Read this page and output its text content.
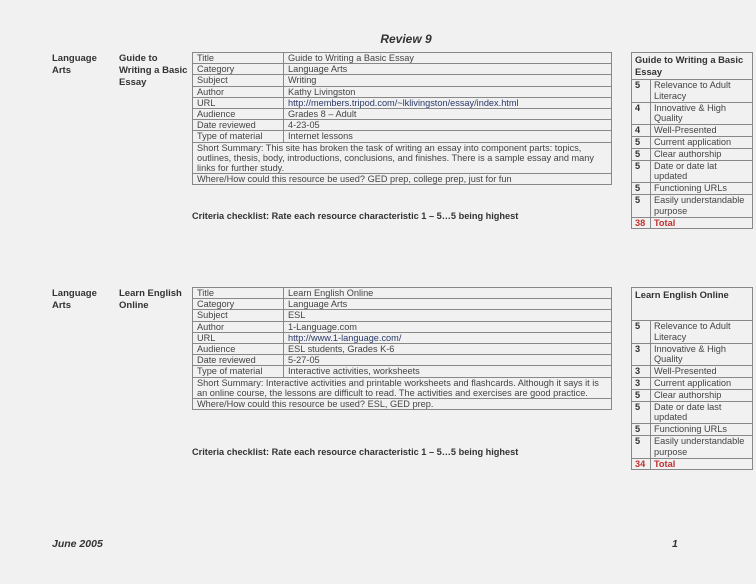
Review 9
Language Arts
Guide to Writing a Basic Essay
Title	Guide to Writing a Basic Essay
Category	Language Arts
Subject	Writing
Author	Kathy Livingston
URL	http://members.tripod.com/~lklivingston/essay/index.html
Audience	Grades 8 – Adult
Date reviewed	4-23-05
Type of material	Internet lessons
Short Summary: This site has broken the task of writing an essay into component parts: topics, outlines, thesis, body, introductions, conclusions, and finishes. There is a sample essay and many links for further study.	
Where/How could this resource be used? GED prep, college prep, just for fun	
Criteria checklist: Rate each resource characteristic 1 – 5…5 being highest
Guide to Writing a Basic Essay	
5	Relevance to Adult Literacy
4	Innovative & High Quality
4	Well-Presented
5	Current application
5	Clear authorship
5	Date or date lat updated
5	Functioning URLs
5	Easily understandable purpose
38	Total
Language Arts
Learn English Online
Title	Learn English Online
Category	Language Arts
Subject	ESL
Author	1-Language.com
URL	http://www.1-language.com/
Audience	ESL students, Grades K-6
Date reviewed	5-27-05
Type of material	Interactive activities, worksheets
Short Summary: Interactive activities and printable worksheets and flashcards. Although it says it is an online course, the lessons are difficult to read. The activities and exercises are good practice.	
Where/How could this resource be used? ESL, GED prep.	
Criteria checklist: Rate each resource characteristic 1 – 5…5 being highest
Learn English Online	
5	Relevance to Adult Literacy
3	Innovative & High Quality
3	Well-Presented
3	Current application
5	Clear authorship
5	Date or date last updated
5	Functioning URLs
5	Easily understandable purpose
34	Total
June 2005	1
